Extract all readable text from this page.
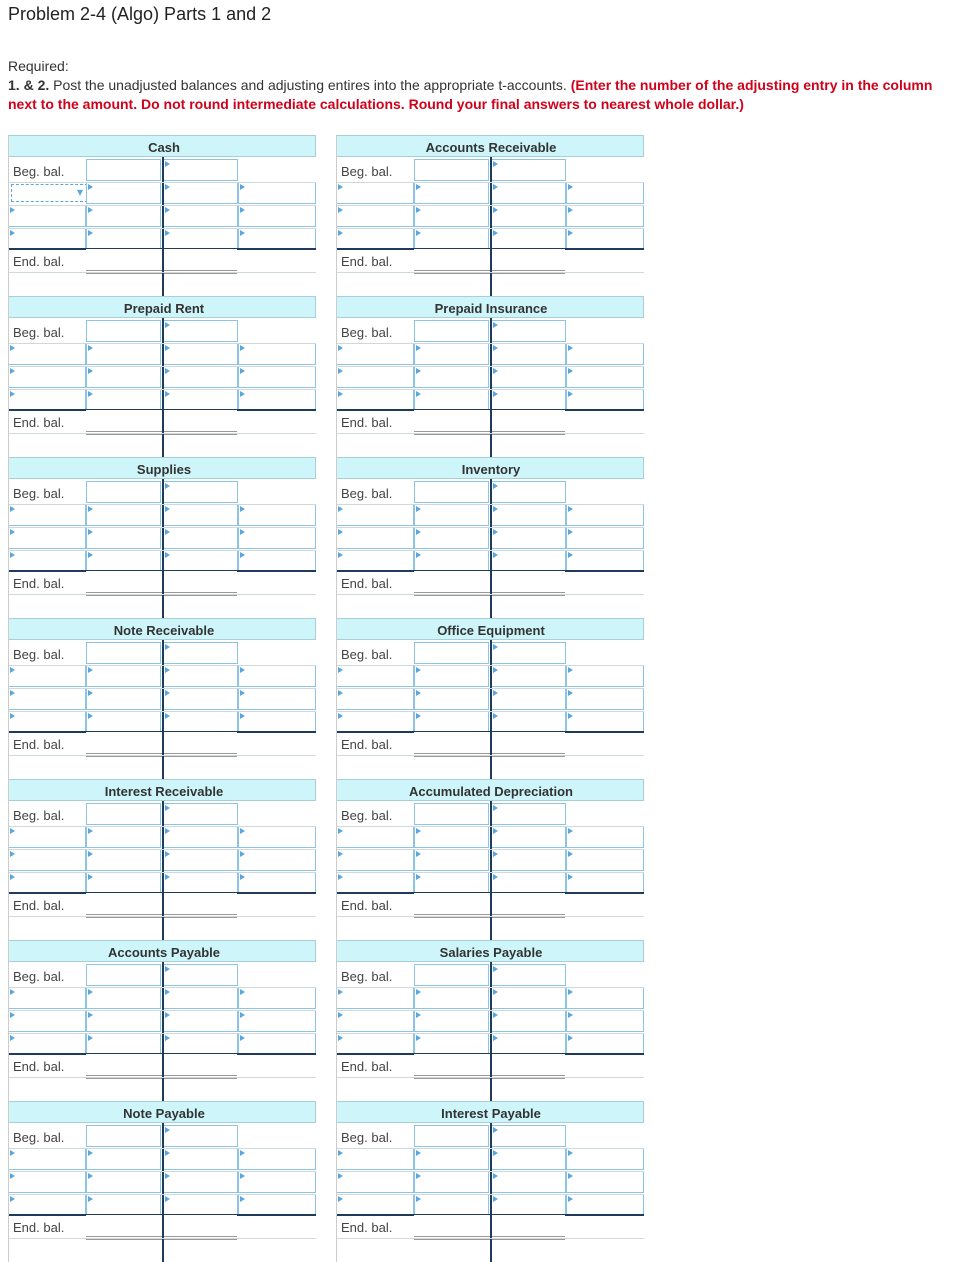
Problem 2-4 (Algo) Parts 1 and 2
Required:
1. & 2. Post the unadjusted balances and adjusting entires into the appropriate t-accounts. (Enter the number of the adjusting entry in the column next to the amount. Do not round intermediate calculations. Round your final answers to nearest whole dollar.)
Cash
Beg. bal.
▾
End. bal.
Accounts Receivable
Beg. bal.
End. bal.
Prepaid Rent
Beg. bal.
End. bal.
Prepaid Insurance
Beg. bal.
End. bal.
Supplies
Beg. bal.
End. bal.
Inventory
Beg. bal.
End. bal.
Note Receivable
Beg. bal.
End. bal.
Office Equipment
Beg. bal.
End. bal.
Interest Receivable
Beg. bal.
End. bal.
Accumulated Depreciation
Beg. bal.
End. bal.
Accounts Payable
Beg. bal.
End. bal.
Salaries Payable
Beg. bal.
End. bal.
Note Payable
Beg. bal.
End. bal.
Interest Payable
Beg. bal.
End. bal.
